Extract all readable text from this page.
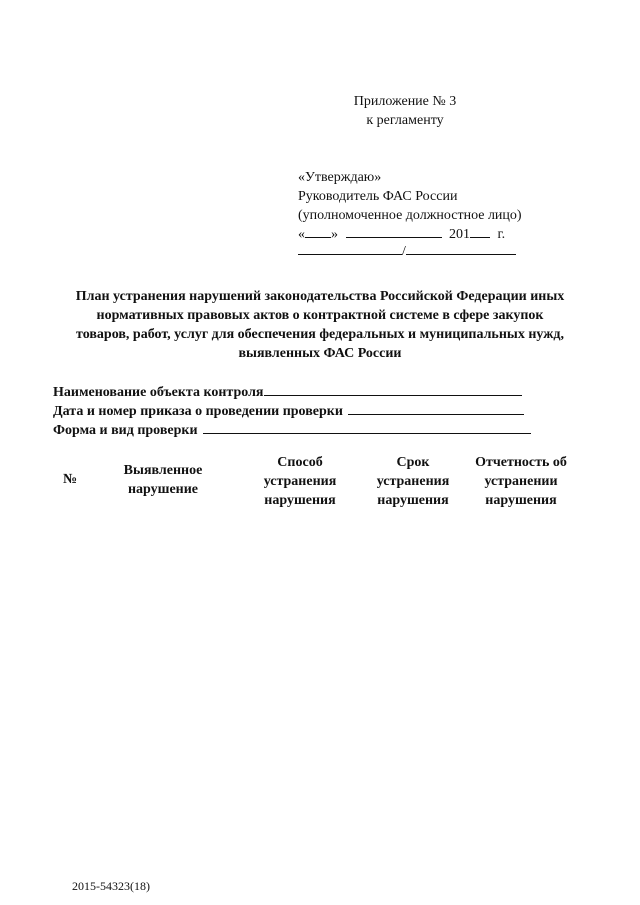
Приложение № 3
к регламенту
«Утверждаю»
Руководитель ФАС России
(уполномоченное должностное лицо)
« »	201 г.
/
План устранения нарушений законодательства Российской Федерации иных
нормативных правовых актов о контрактной системе в сфере закупок
товаров, работ, услуг для обеспечения федеральных и муниципальных нужд,
выявленных ФАС России
Наименование объекта контроля
Дата и номер приказа о проведении проверки
Форма и вид проверки
№
Выявленное
нарушение
Способ
устранения
нарушения
Срок
устранения
нарушения
Отчетность об
устранении
нарушения
2015-54323(18)
